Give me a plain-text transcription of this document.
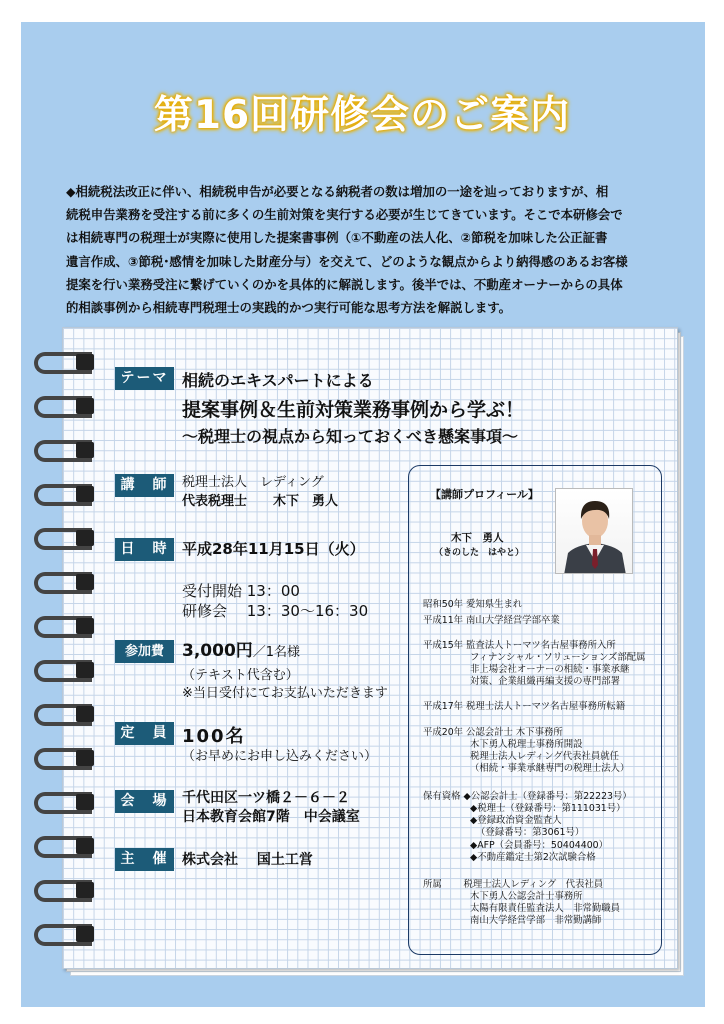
第16回研修会のご案内
◆相続税法改正に伴い、相続税申告が必要となる納税者の数は増加の一途を辿っておりますが、相
続税申告業務を受注する前に多くの生前対策を実行する必要が生じてきています。そこで本研修会で
は相続専門の税理士が実際に使用した提案書事例（①不動産の法人化、②節税を加味した公正証書
遺言作成、③節税･感情を加味した財産分与）を交えて、どのような観点からより納得感のあるお客様
提案を行い業務受注に繋げていくのかを具体的に解説します。後半では、不動産オーナーからの具体
的相談事例から相続専門税理士の実践的かつ実行可能な思考方法を解説します。
テーマ 相続のエキスパートによる
提案事例＆生前対策業務事例から学ぶ！
～税理士の視点から知っておくべき懸案事項～
講　師	税理士法人　レディング
代表税理士　　木下　勇人
日　時 平成28年11月15日（火）
受付開始 13：00
研修会　 13：30～16：30
参加費	3,000円／1名様
（テキスト代含む）
※当日受付にてお支払いただきます
定　員 100名
（お早めにお申し込みください）
会　場 千代田区一ツ橋２－６－２
日本教育会館7階　中会議室
主　催 株式会社　 国土工営
【講師プロフィール】
木下　勇人
（きのした　はやと）
昭和50年 愛知県生まれ
平成11年 南山大学経営学部卒業
平成15年 監査法人トーマツ名古屋事務所入所
フィナンシャル・ソリューションズ部配属
非上場会社オーナーの相続・事業承継
対策、企業組織再編支援の専門部署
平成17年 税理士法人トーマツ名古屋事務所転籍
平成20年 公認会計士 木下事務所
木下勇人税理士事務所開設
税理士法人レディング代表社員就任
（相続・事業承継専門の税理士法人）
保有資格 ◆公認会計士（登録番号：第22223号）
◆税理士（登録番号：第111031号）
◆登録政治資金監査人
（登録番号：第3061号）
◆AFP（会員番号：50404400）
◆不動産鑑定士第2次試験合格
所属　　 税理士法人レディング　代表社員
木下勇人公認会計士事務所
太陽有限責任監査法人　非常勤職員
南山大学経営学部　非常勤講師
